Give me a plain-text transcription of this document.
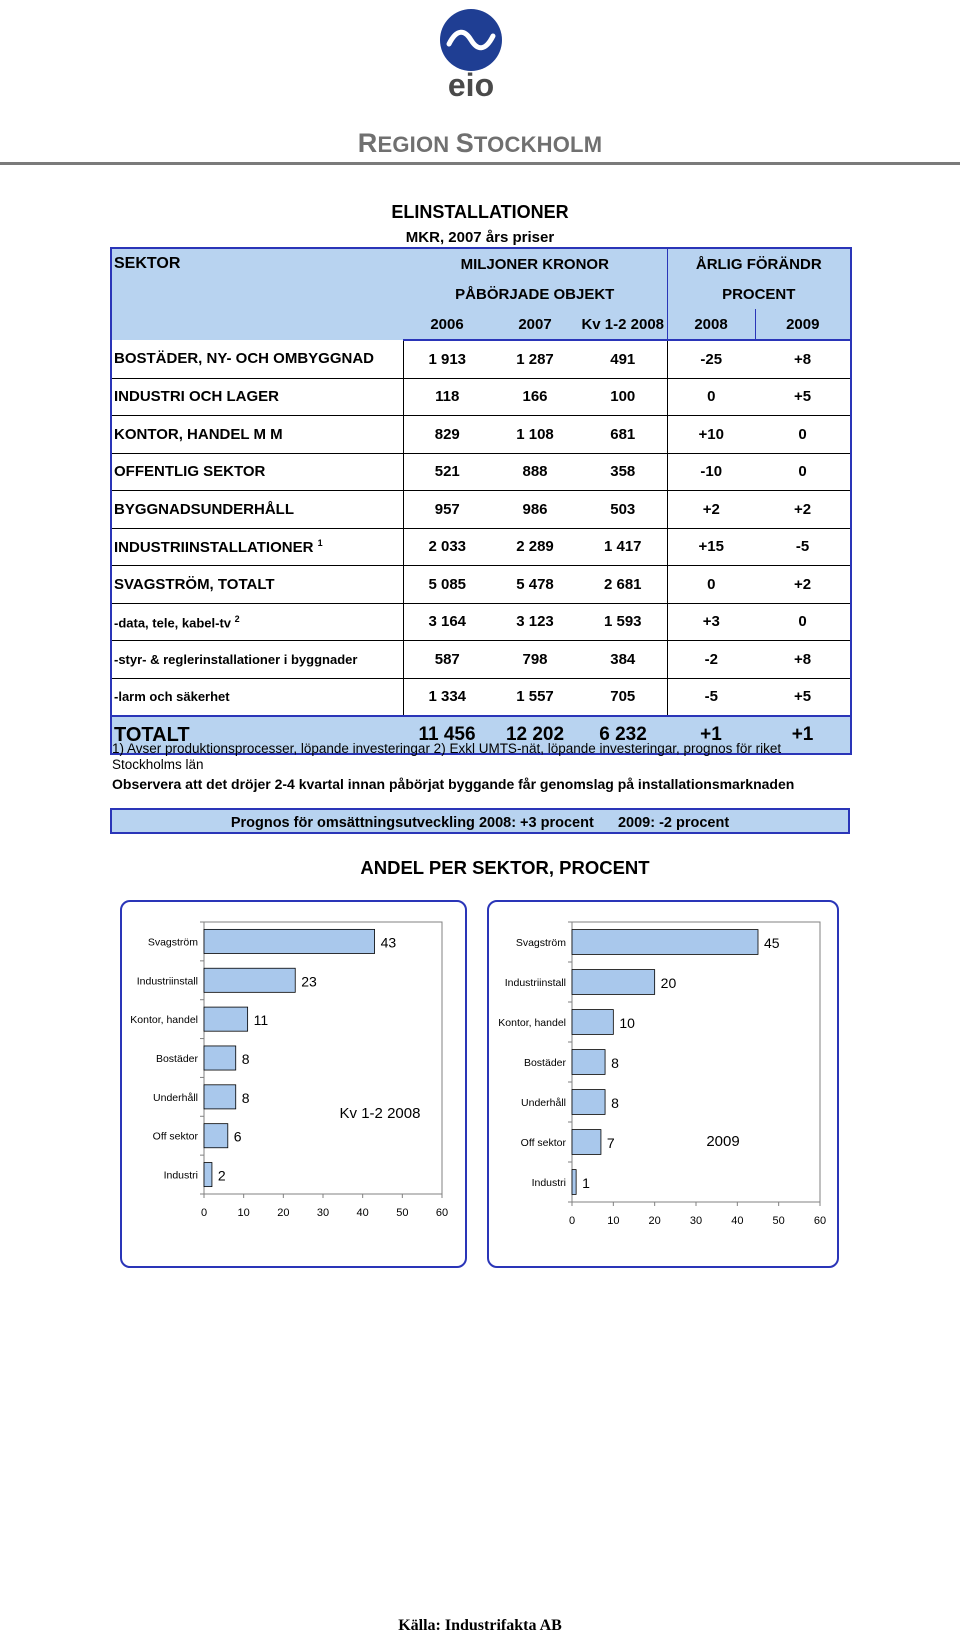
eio
REGION STOCKHOLM
ELINSTALLATIONER
MKR, 2007 års priser
SEKTOR	MILJONER KRONOR			ÅRLIG FÖRÄNDR	
	PÅBÖRJADE OBJEKT			PROCENT	
	2006	2007	Kv 1-2 2008	2008	2009
BOSTÄDER, NY- OCH OMBYGGNAD	1 913	1 287	491	-25	+8
INDUSTRI OCH LAGER	118	166	100	0	+5
KONTOR, HANDEL M M	829	1 108	681	+10	0
OFFENTLIG SEKTOR	521	888	358	-10	0
BYGGNADSUNDERHÅLL	957	986	503	+2	+2
INDUSTRIINSTALLATIONER $^1$	2 033	2 289	1 417	+15	-5
SVAGSTRÖM, TOTALT	5 085	5 478	2 681	0	+2
-data, tele, kabel-tv $^2$	3 164	3 123	1 593	+3	0
-styr- & reglerinstallationer i byggnader	587	798	384	-2	+8
-larm och säkerhet	1 334	1 557	705	-5	+5
TOTALT	11 456	12 202	6 232	+1	+1
1) Avser produktionsprocesser, löpande investeringar 2) Exkl UMTS-nät, löpande investeringar, prognos för riket Stockholms län
Observera att det dröjer 2-4 kvartal innan påbörjat byggande får genomslag på installationsmarknaden
Prognos för omsättningsutveckling 2008: +3 procent 2009: -2 procent
ANDEL PER SEKTOR, PROCENT
Svagström	43
Industriinstall	23
Kontor, handel	11
Bostäder	8
Underhåll	8
Off sektor	6
Industri 2
0	10 20 30 40 50 60
Kv 1-2 2008
Svagström	45
Industriinstall	20
Kontor, handel	10
Bostäder	8
Underhåll	8
Off sektor	7
Industri 1
0	10	20	30	40	50	60
2009
Källa: Industrifakta AB
